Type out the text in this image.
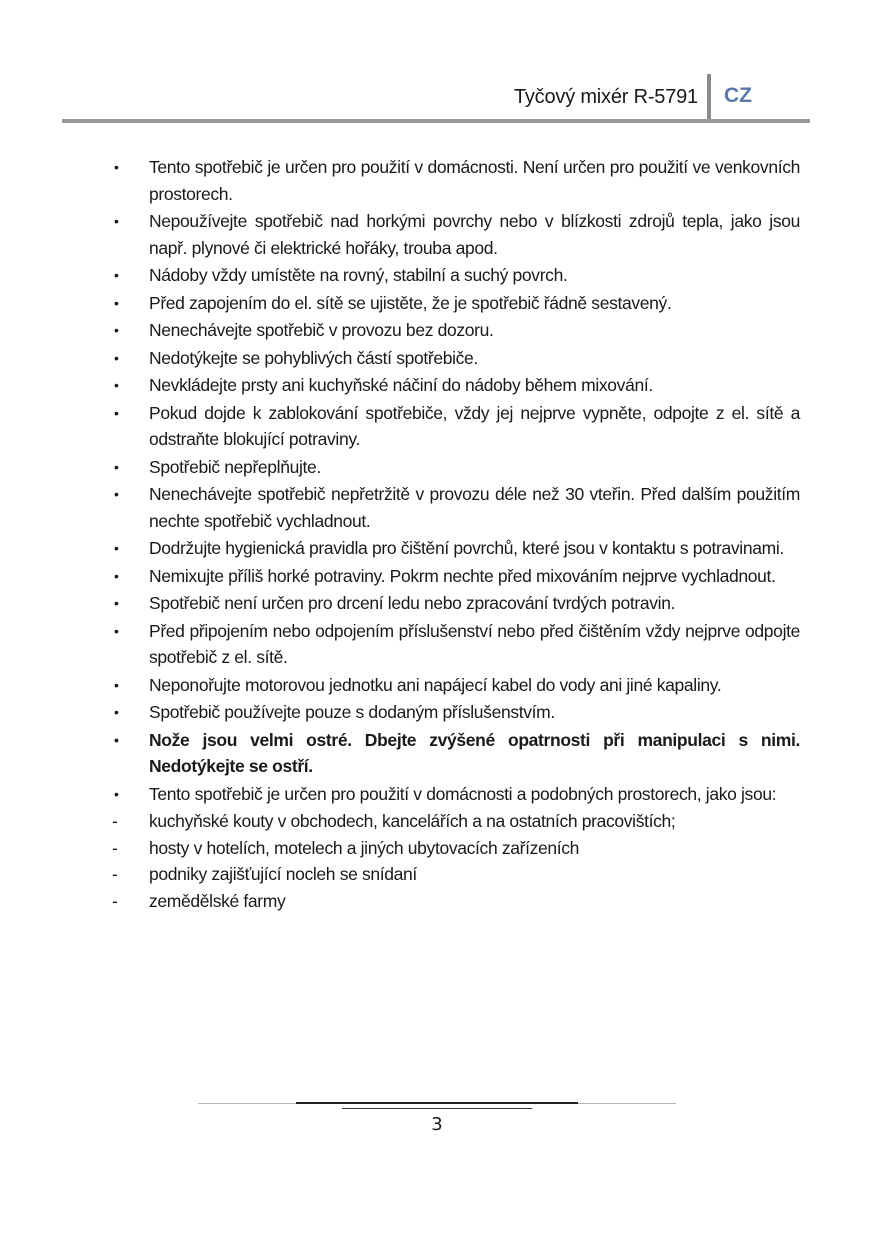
Tyčový mixér R-5791 CZ
• Tento spotřebič je určen pro použití v domácnosti. Není určen pro použití ve venkovních prostorech.
• Nepoužívejte spotřebič nad horkými povrchy nebo v blízkosti zdrojů tepla, jako jsou např. plynové či elektrické hořáky, trouba apod.
• Nádoby vždy umístěte na rovný, stabilní a suchý povrch.
• Před zapojením do el. sítě se ujistěte, že je spotřebič řádně sestavený.
• Nenechávejte spotřebič v provozu bez dozoru.
• Nedotýkejte se pohyblivých částí spotřebiče.
• Nevkládejte prsty ani kuchyňské náčiní do nádoby během mixování.
• Pokud dojde k zablokování spotřebiče, vždy jej nejprve vypněte, odpojte z el. sítě a odstraňte blokující potraviny.
• Spotřebič nepřeplňujte.
• Nenechávejte spotřebič nepřetržitě v provozu déle než 30 vteřin. Před dalším použitím nechte spotřebič vychladnout.
• Dodržujte hygienická pravidla pro čištění povrchů, které jsou v kontaktu s potravinami.
• Nemixujte příliš horké potraviny. Pokrm nechte před mixováním nejprve vychladnout.
• Spotřebič není určen pro drcení ledu nebo zpracování tvrdých potravin.
• Před připojením nebo odpojením příslušenství nebo před čištěním vždy nejprve odpojte spotřebič z el. sítě.
• Neponořujte motorovou jednotku ani napájecí kabel do vody ani jiné kapaliny.
• Spotřebič používejte pouze s dodaným příslušenstvím.
• Nože jsou velmi ostré. Dbejte zvýšené opatrnosti při manipulaci s nimi. Nedotýkejte se ostří.
• Tento spotřebič je určen pro použití v domácnosti a podobných prostorech, jako jsou:
- kuchyňské kouty v obchodech, kancelářích a na ostatních pracovištích;
- hosty v hotelích, motelech a jiných ubytovacích zařízeních
- podniky zajišťující nocleh se snídaní
- zemědělské farmy
3
